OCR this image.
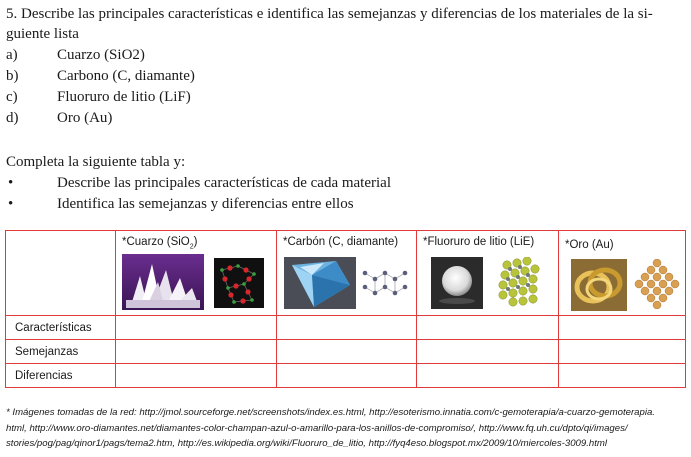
5. Describe las principales características e identifica las semejanzas y diferencias de los materiales de la si-
guiente lista
a)	Cuarzo (SiO2)
b)	Carbono (C, diamante)
c)	Fluoruro de litio (LiF)
d)	Oro (Au)
Completa la siguiente tabla y:
•	Describe las principales características de cada material
•	Identifica las semejanzas y diferencias entre ellos

	*Cuarzo (SiO$_2$)	*Carbón (C, diamante)	*Fluoruro de litio (LiE)	*Oro (Au)

Características				
Semejanzas				
Diferencias				
* Imágenes tomadas de la red: http://jmol.sourceforge.net/screenshots/index.es.html, http://esoterismo.innatia.com/c-gemoterapia/a-cuarzo-gemoterapia.
html, http://www.oro-diamantes.net/diamantes-color-champan-azul-o-amarillo-para-los-anillos-de-compromiso/, http://www.fq.uh.cu/dpto/qi/images/
stories/pog/pag/qinor1/pags/tema2.htm, http://es.wikipedia.org/wiki/Fluoruro_de_litio, http://fyq4eso.blogspot.mx/2009/10/miercoles-3009.html
